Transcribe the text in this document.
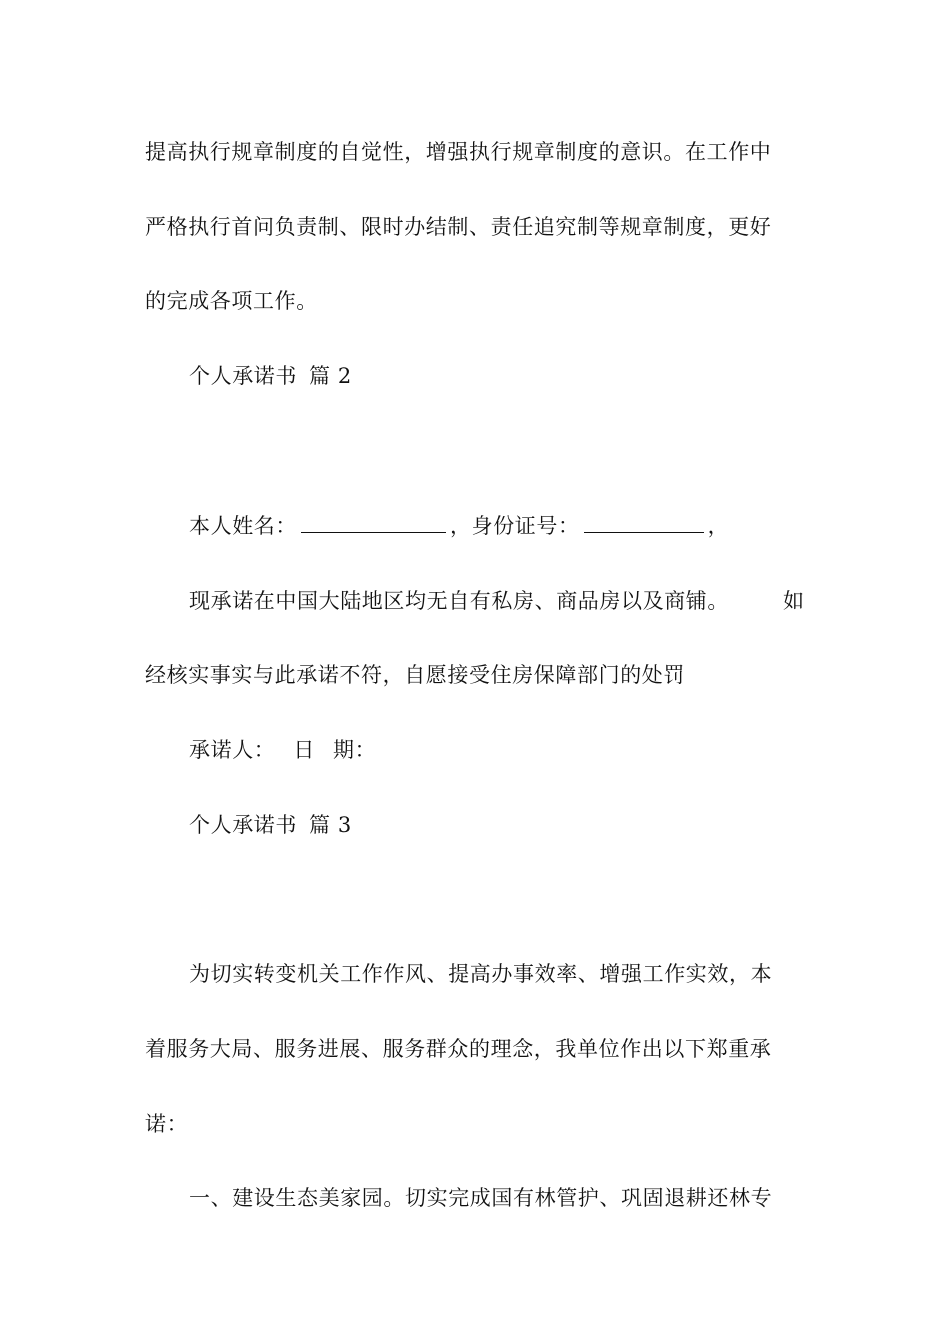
提高执行规章制度的自觉性，增强执行规章制度的意识。在工作中
严格执行首问负责制、限时办结制、责任追究制等规章制度，更好
的完成各项工作。
个人承诺书 篇 2
本人姓名：	，身份证号：	，
现承诺在中国大陆地区均无自有私房、商品房以及商铺。	如
经核实事实与此承诺不符，自愿接受住房保障部门的处罚
承诺人： 日 期：
个人承诺书 篇 3
为切实转变机关工作作风、提高办事效率、增强工作实效，本
着服务大局、服务进展、服务群众的理念，我单位作出以下郑重承
诺：
一、建设生态美家园。切实完成国有林管护、巩固退耕还林专
